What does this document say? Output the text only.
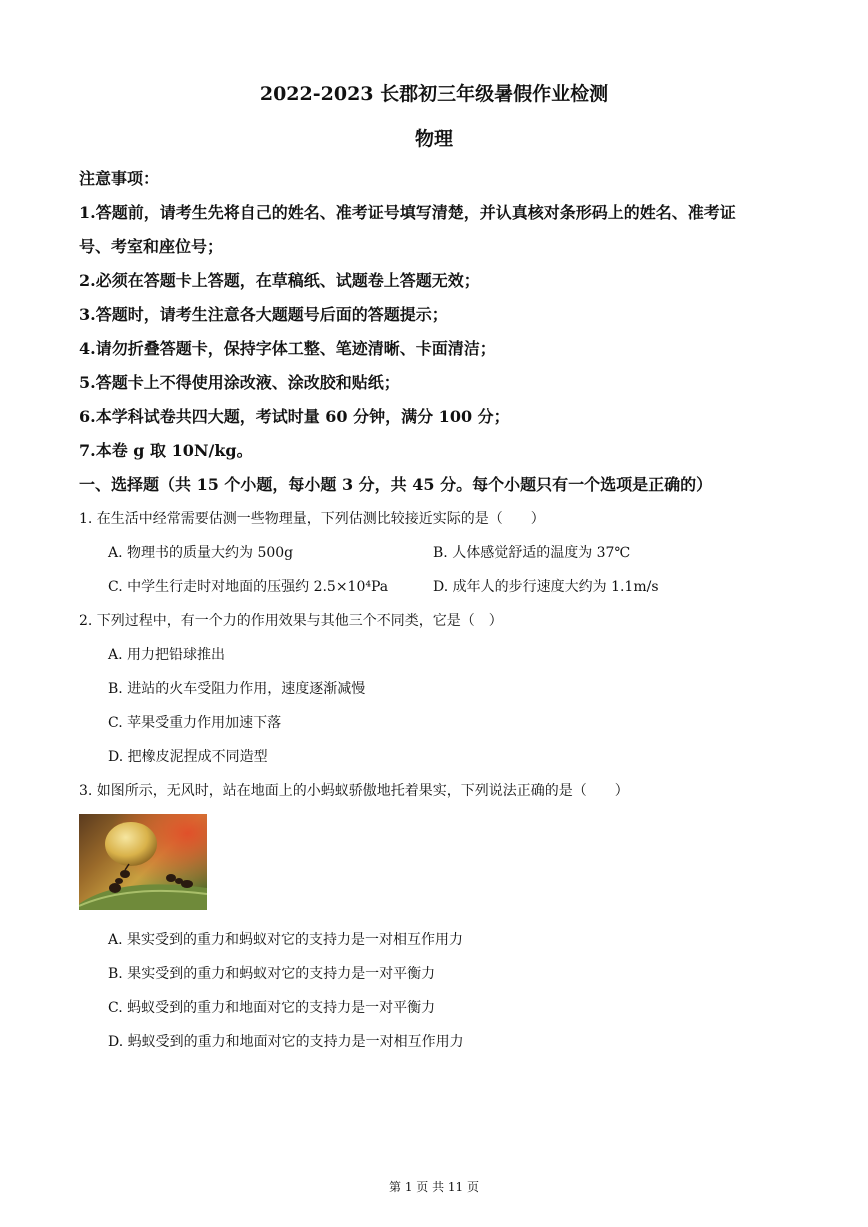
2022-2023 长郡初三年级暑假作业检测
物理
注意事项：
1.答题前，请考生先将自己的姓名、准考证号填写清楚，并认真核对条形码上的姓名、准考证
号、考室和座位号；
2.必须在答题卡上答题，在草稿纸、试题卷上答题无效；
3.答题时，请考生注意各大题题号后面的答题提示；
4.请勿折叠答题卡，保持字体工整、笔迹清晰、卡面清洁；
5.答题卡上不得使用涂改液、涂改胶和贴纸；
6.本学科试卷共四大题，考试时量 60 分钟，满分 100 分；
7.本卷 g 取 10N/kg。
一、选择题（共 15 个小题，每小题 3 分，共 45 分。每个小题只有一个选项是正确的）
1. 在生活中经常需要估测一些物理量，下列估测比较接近实际的是（　　）
A. 物理书的质量大约为 500g	B. 人体感觉舒适的温度为 37℃
C. 中学生行走时对地面的压强约 2.5×10⁴Pa	D. 成年人的步行速度大约为 1.1m/s
2. 下列过程中，有一个力的作用效果与其他三个不同类，它是（　）
A. 用力把铅球推出
B. 进站的火车受阻力作用，速度逐渐减慢
C. 苹果受重力作用加速下落
D. 把橡皮泥捏成不同造型
3. 如图所示，无风时，站在地面上的小蚂蚁骄傲地托着果实，下列说法正确的是（　　）
A. 果实受到的重力和蚂蚁对它的支持力是一对相互作用力
B. 果实受到的重力和蚂蚁对它的支持力是一对平衡力
C. 蚂蚁受到的重力和地面对它的支持力是一对平衡力
D. 蚂蚁受到的重力和地面对它的支持力是一对相互作用力
第 1 页 共 11 页
